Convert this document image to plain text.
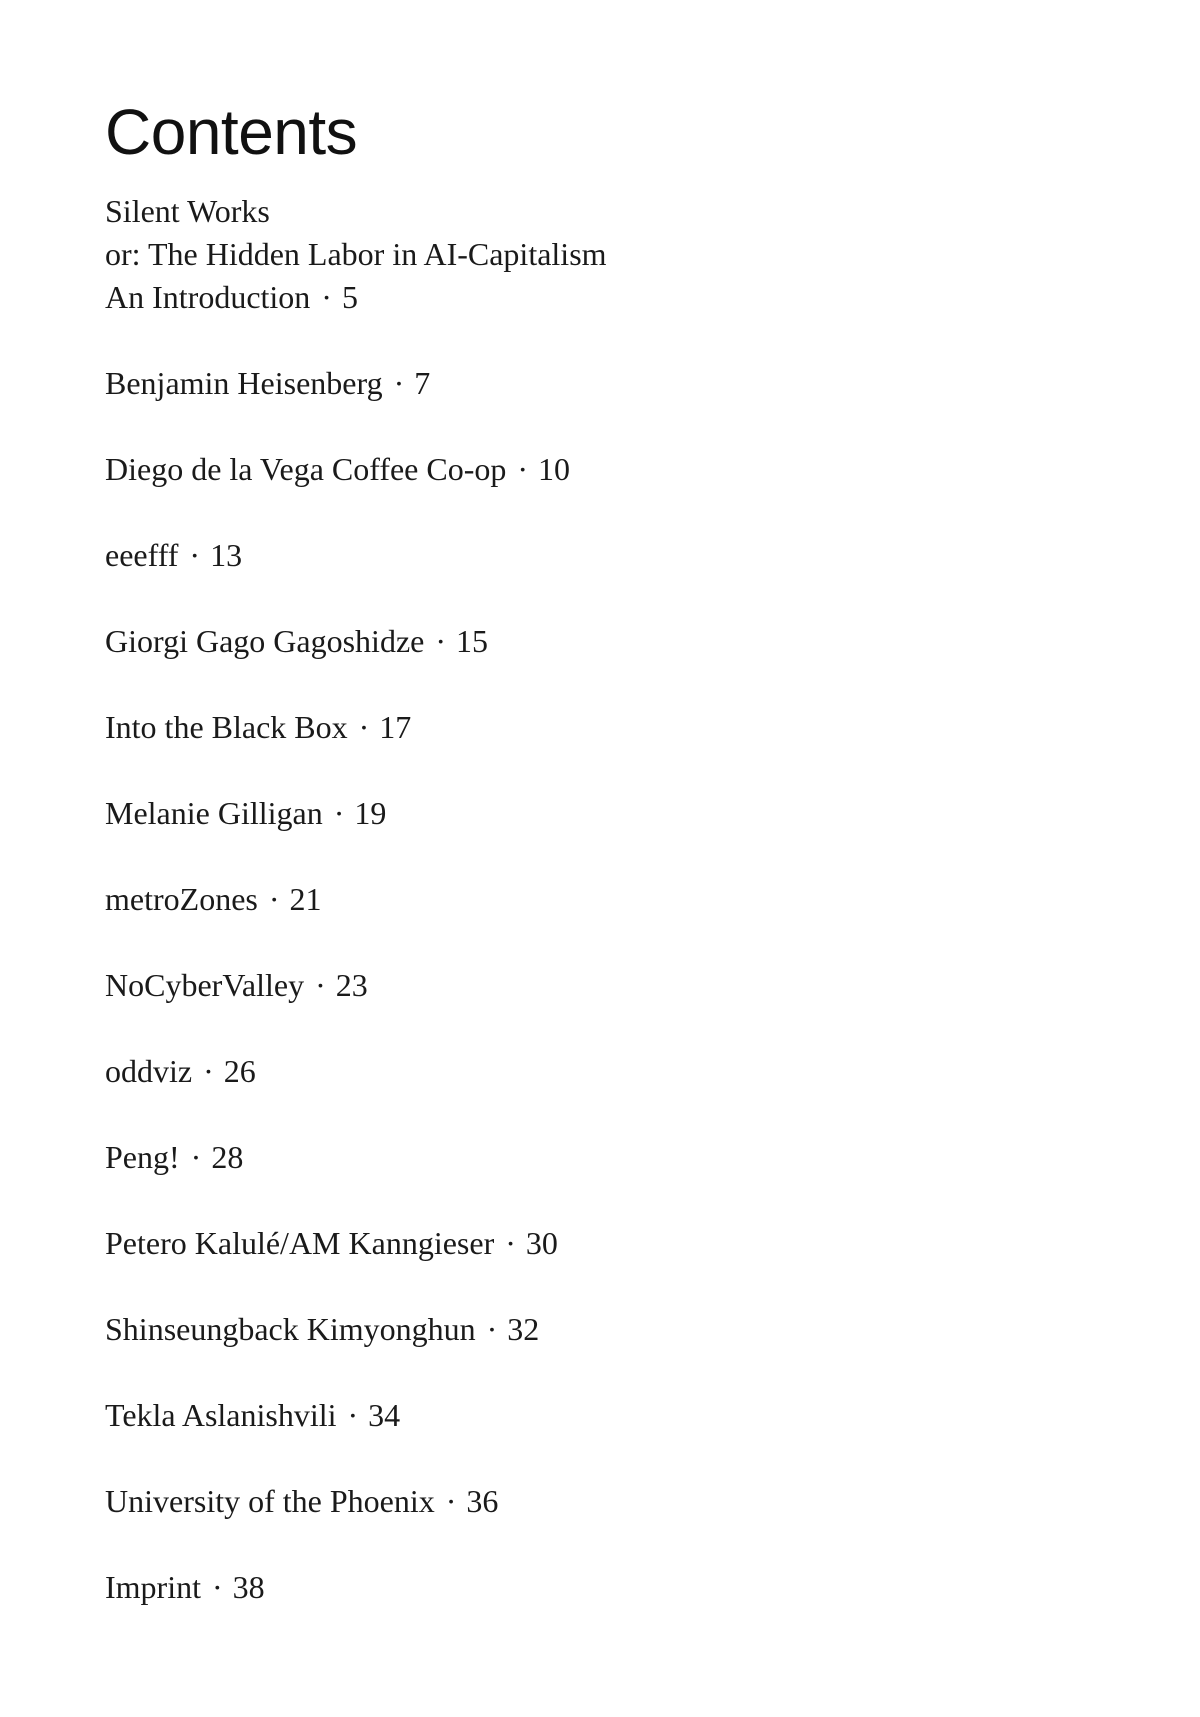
Contents
Silent Works
or: The Hidden Labor in AI-Capitalism
An Introduction · 5
Benjamin Heisenberg · 7
Diego de la Vega Coffee Co-op · 10
eeefff · 13
Giorgi Gago Gagoshidze · 15
Into the Black Box · 17
Melanie Gilligan · 19
metroZones · 21
NoCyberValley · 23
oddviz · 26
Peng! · 28
Petero Kalulé/AM Kanngieser · 30
Shinseungback Kimyonghun · 32
Tekla Aslanishvili · 34
University of the Phoenix · 36
Imprint · 38
